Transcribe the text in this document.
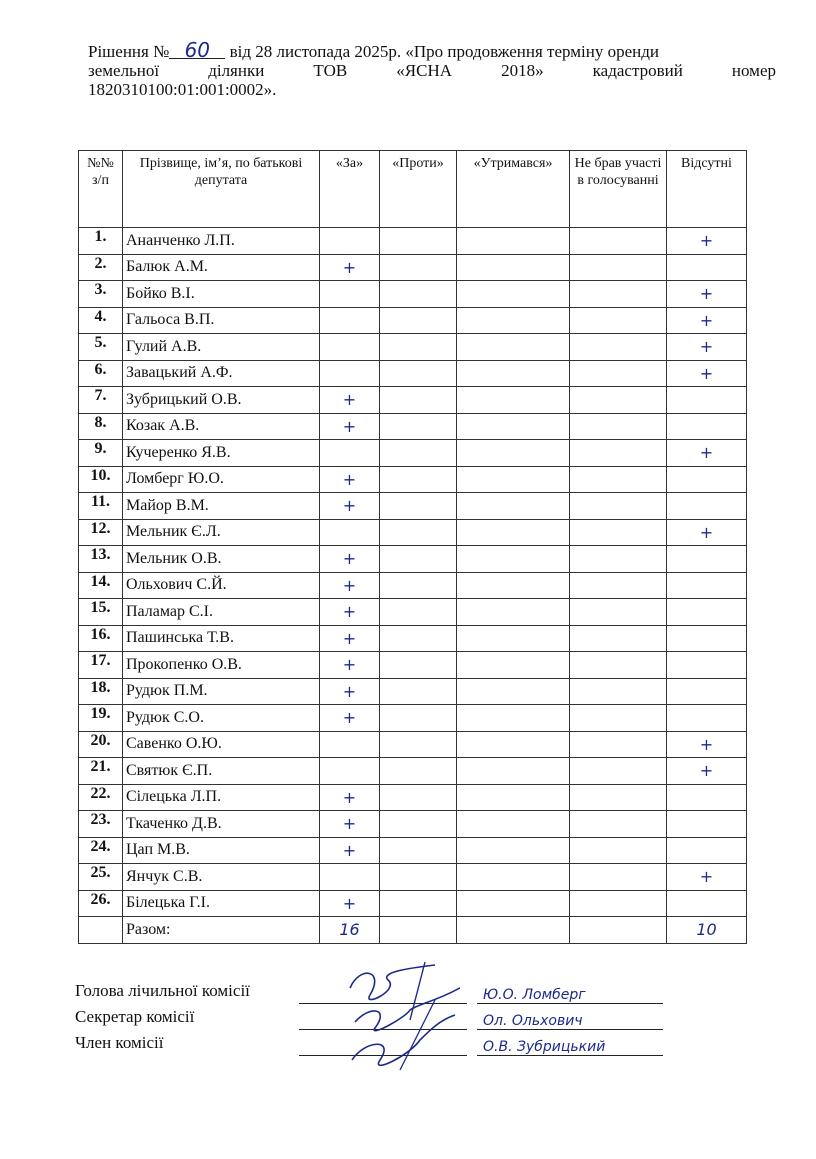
Рішення № 60 від 28 листопада 2025р. «Про продовження терміну оренди
земельної	ділянки	ТОВ	«ЯСНА	2018»	кадастровий	номер
1820310100:01:001:0002».
№№ з/п	Прізвище, ім’я, по батькові депутата	«За»	«Проти»	«Утримався»	Не брав участі в голосуванні	Відсутні
1.	Ананченко Л.П.					+
2.	Балюк А.М.	+				
3.	Бойко В.І.					+
4.	Гальоса В.П.					+
5.	Гулий А.В.					+
6.	Завацький А.Ф.					+
7.	Зубрицький О.В.	+				
8.	Козак А.В.	+				
9.	Кучеренко Я.В.					+
10.	Ломберг Ю.О.	+				
11.	Майор В.М.	+				
12.	Мельник Є.Л.					+
13.	Мельник О.В.	+				
14.	Ольхович С.Й.	+				
15.	Паламар С.І.	+				
16.	Пашинська Т.В.	+				
17.	Прокопенко О.В.	+				
18.	Рудюк П.М.	+				
19.	Рудюк С.О.	+				
20.	Савенко О.Ю.					+
21.	Святюк Є.П.					+
22.	Сілецька Л.П.	+				
23.	Ткаченко Д.В.	+				
24.	Цап М.В.	+				
25.	Янчук С.В.					+
26.	Білецька Г.І.	+				
	Разом:	16				10
Голова лічильної комісії	Ю.О. Ломберг
Секретар комісії	Ол. Ольхович
Член комісії	О.В. Зубрицький
